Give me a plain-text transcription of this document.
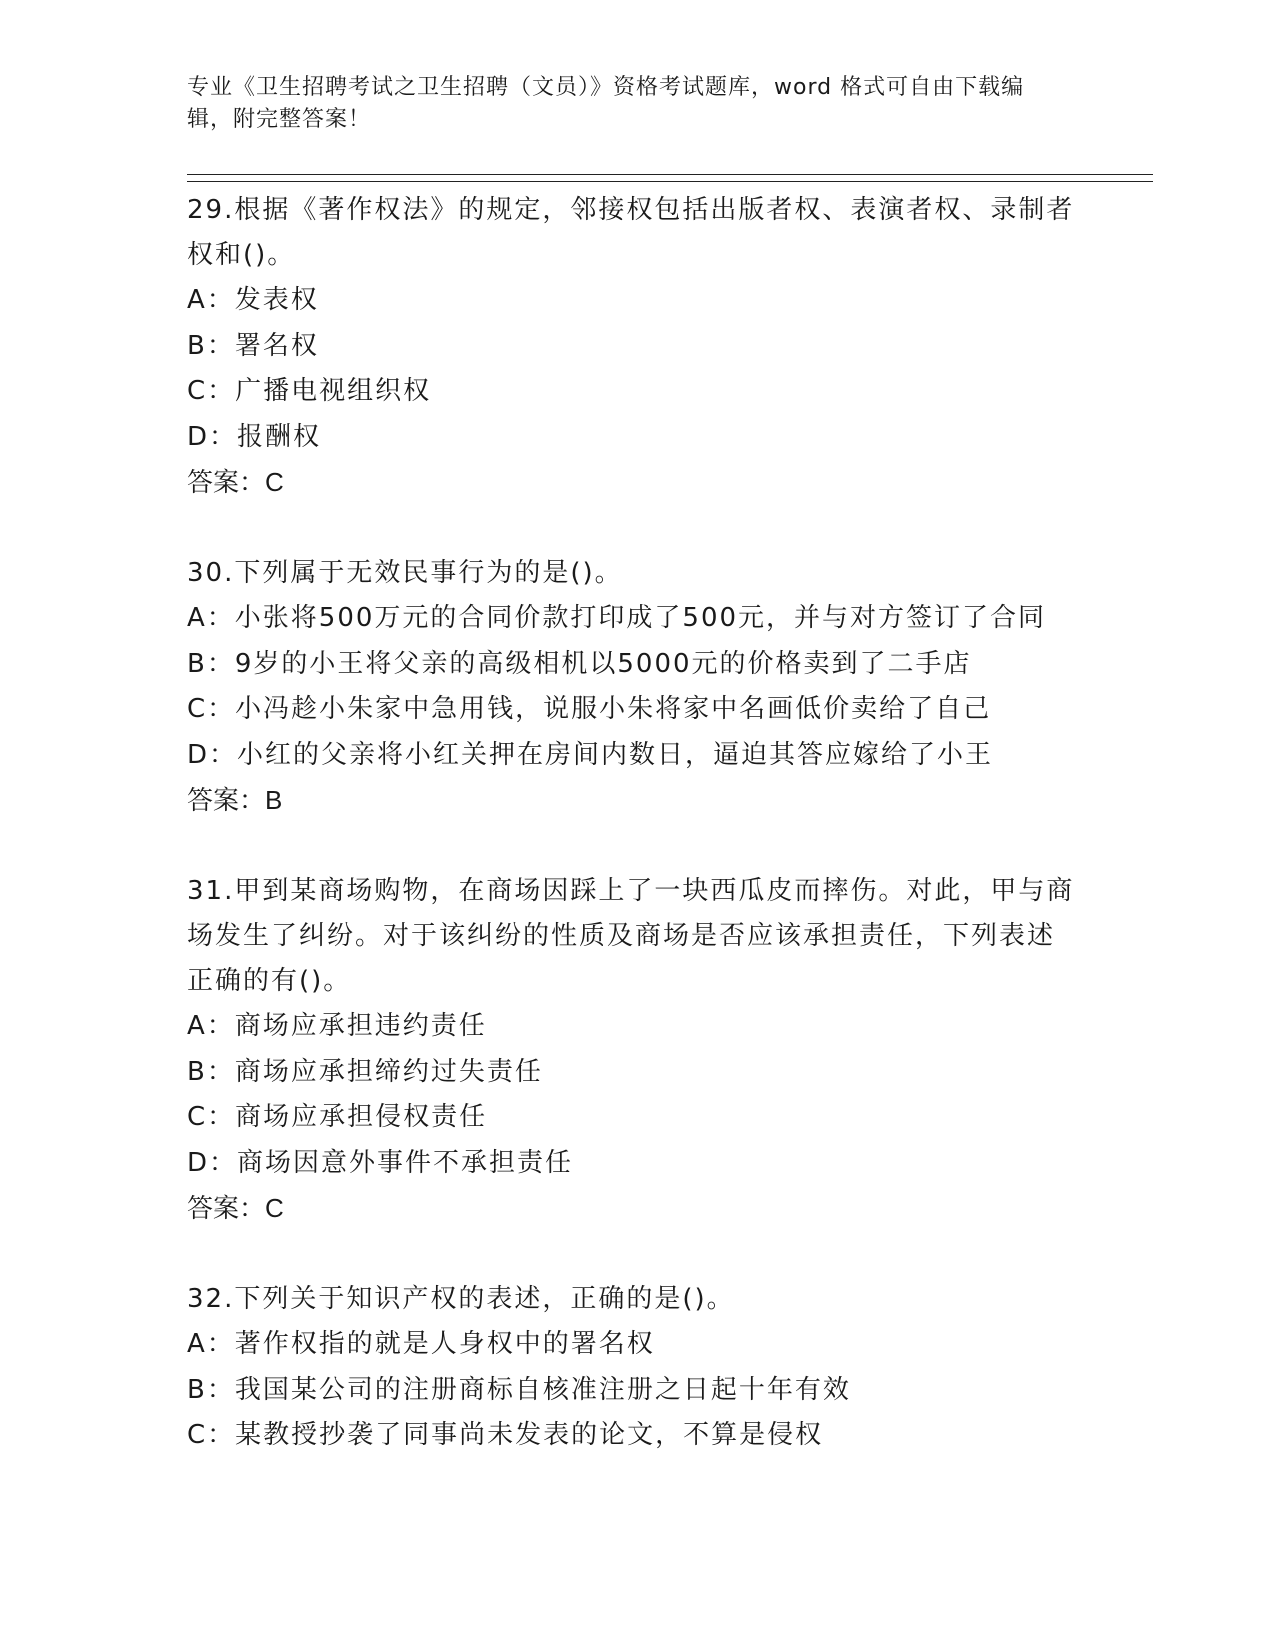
专业《卫生招聘考试之卫生招聘（文员）》资格考试题库，word 格式可自由下载编辑，附完整答案！
29.根据《著作权法》的规定，邻接权包括出版者权、表演者权、录制者权和()。
A：发表权
B：署名权
C：广播电视组织权
D：报酬权
答案：C
30.下列属于无效民事行为的是()。
A：小张将500万元的合同价款打印成了500元，并与对方签订了合同
B：9岁的小王将父亲的高级相机以5000元的价格卖到了二手店
C：小冯趁小朱家中急用钱，说服小朱将家中名画低价卖给了自己
D：小红的父亲将小红关押在房间内数日，逼迫其答应嫁给了小王
答案：B
31.甲到某商场购物，在商场因踩上了一块西瓜皮而摔伤。对此，甲与商场发生了纠纷。对于该纠纷的性质及商场是否应该承担责任，下列表述正确的有()。
A：商场应承担违约责任
B：商场应承担缔约过失责任
C：商场应承担侵权责任
D：商场因意外事件不承担责任
答案：C
32.下列关于知识产权的表述，正确的是()。
A：著作权指的就是人身权中的署名权
B：我国某公司的注册商标自核准注册之日起十年有效
C：某教授抄袭了同事尚未发表的论文，不算是侵权
